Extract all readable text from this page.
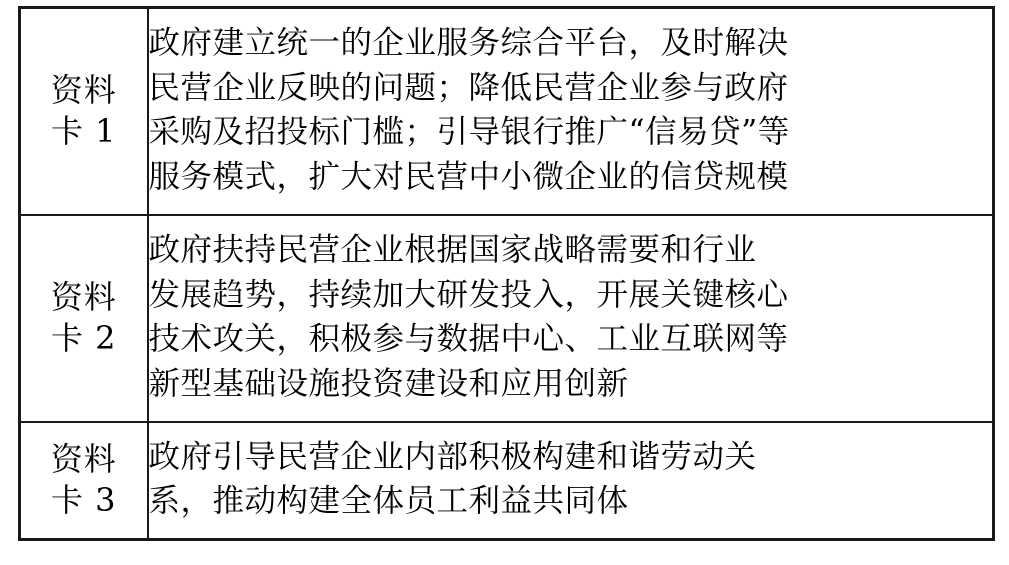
资料
卡 1	政府建立统一的企业服务综合平台，及时解决
民营企业反映的问题；降低民营企业参与政府
采购及招投标门槛；引导银行推广“信易贷”等
服务模式，扩大对民营中小微企业的信贷规模

资料
卡 2	政府扶持民营企业根据国家战略需要和行业
发展趋势，持续加大研发投入，开展关键核心
技术攻关，积极参与数据中心、工业互联网等
新型基础设施投资建设和应用创新

资料
卡 3	政府引导民营企业内部积极构建和谐劳动关
系，推动构建全体员工利益共同体
